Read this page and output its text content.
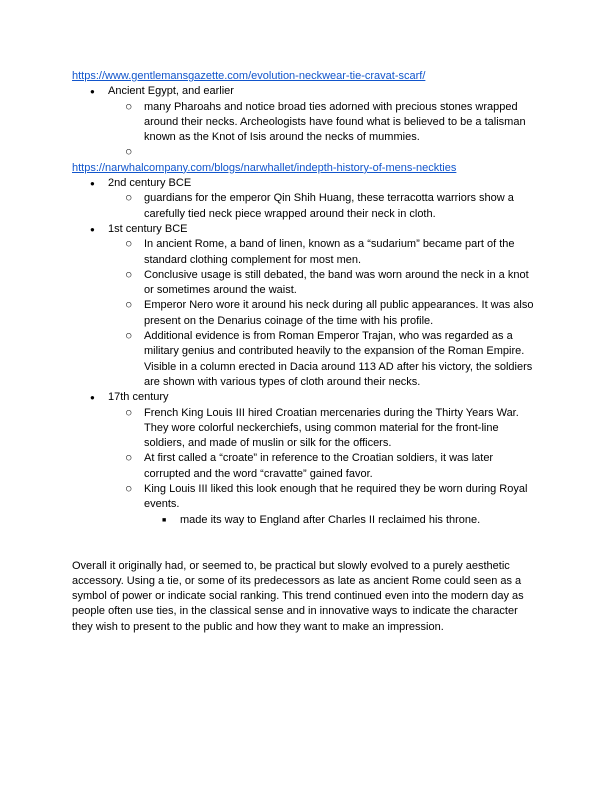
https://www.gentlemansgazette.com/evolution-neckwear-tie-cravat-scarf/
● Ancient Egypt, and earlier
○ many Pharoahs and notice broad ties adorned with precious stones wrapped around their necks. Archeologists have found what is believed to be a talisman known as the Knot of Isis around the necks of mummies.
○
https://narwhalcompany.com/blogs/narwhallet/indepth-history-of-mens-neckties
● 2nd century BCE
○ guardians for the emperor Qin Shih Huang, these terracotta warriors show a carefully tied neck piece wrapped around their neck in cloth.
● 1st century BCE
○ In ancient Rome, a band of linen, known as a “sudarium” became part of the standard clothing complement for most men.
○ Conclusive usage is still debated, the band was worn around the neck in a knot or sometimes around the waist.
○ Emperor Nero wore it around his neck during all public appearances. It was also present on the Denarius coinage of the time with his profile.
○ Additional evidence is from Roman Emperor Trajan, who was regarded as a military genius and contributed heavily to the expansion of the Roman Empire. Visible in a column erected in Dacia around 113 AD after his victory, the soldiers are shown with various types of cloth around their necks.
● 17th century
○ French King Louis III hired Croatian mercenaries during the Thirty Years War. They wore colorful neckerchiefs, using common material for the front-line soldiers, and made of muslin or silk for the officers.
○ At first called a “croate” in reference to the Croatian soldiers, it was later corrupted and the word “cravatte” gained favor.
○ King Louis III liked this look enough that he required they be worn during Royal events.
■ made its way to England after Charles II reclaimed his throne.
Overall it originally had, or seemed to, be practical but slowly evolved to a purely aesthetic accessory. Using a tie, or some of its predecessors as late as ancient Rome could seen as a symbol of power or indicate social ranking. This trend continued even into the modern day as people often use ties, in the classical sense and in innovative ways to indicate the character they wish to present to the public and how they want to make an impression.
